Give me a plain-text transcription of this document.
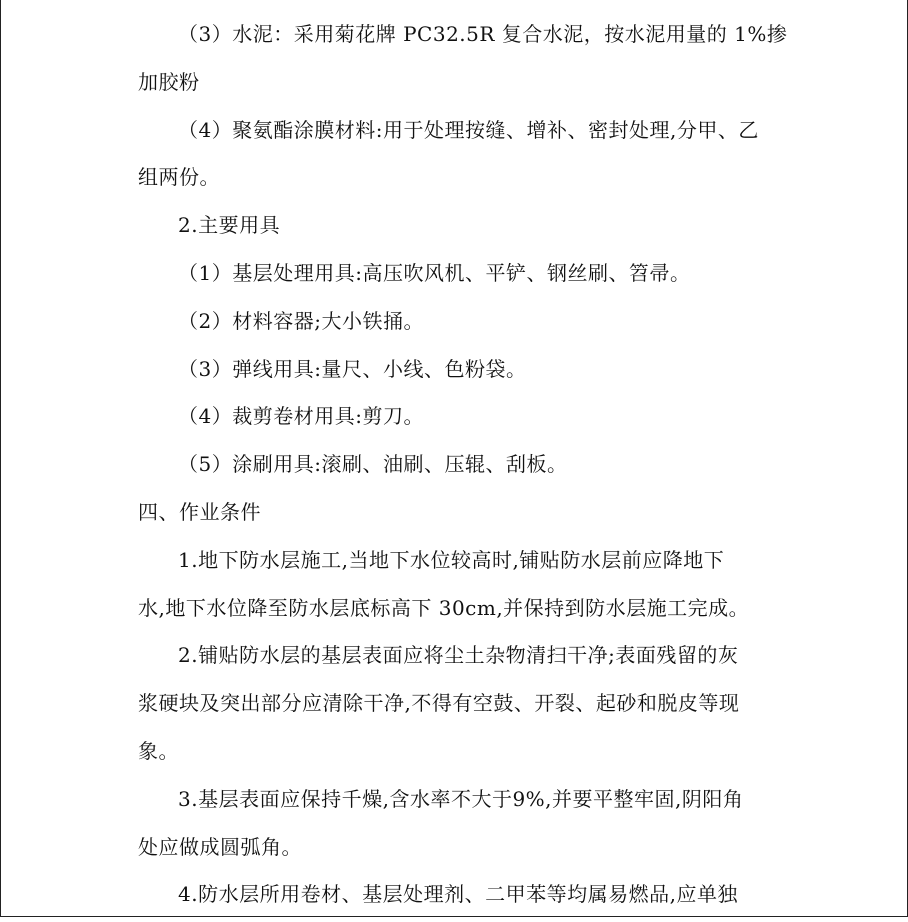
（3）水泥：采用菊花牌 PC32.5R 复合水泥，按水泥用量的 1%掺
加胶粉
（4）聚氨酯涂膜材料:用于处理按缝、增补、密封处理,分甲、乙
组两份。
2.主要用具
（1）基层处理用具:高压吹风机、平铲、钢丝刷、笤帚。
（2）材料容器;大小铁捅。
（3）弹线用具:量尺、小线、色粉袋。
（4）裁剪卷材用具:剪刀。
（5）涂刷用具:滚刷、油刷、压辊、刮板。
四、作业条件
1.地下防水层施工,当地下水位较高时,铺贴防水层前应降地下
水,地下水位降至防水层底标高下 30cm,并保持到防水层施工完成。
2.铺贴防水层的基层表面应将尘土杂物清扫干净;表面残留的灰
浆硬块及突出部分应清除干净,不得有空鼓、开裂、起砂和脱皮等现
象。
3.基层表面应保持千燥,含水率不大于9%,并要平整牢固,阴阳角
处应做成圆弧角。
4.防水层所用卷材、基层处理剂、二甲苯等均属易燃品,应单独
